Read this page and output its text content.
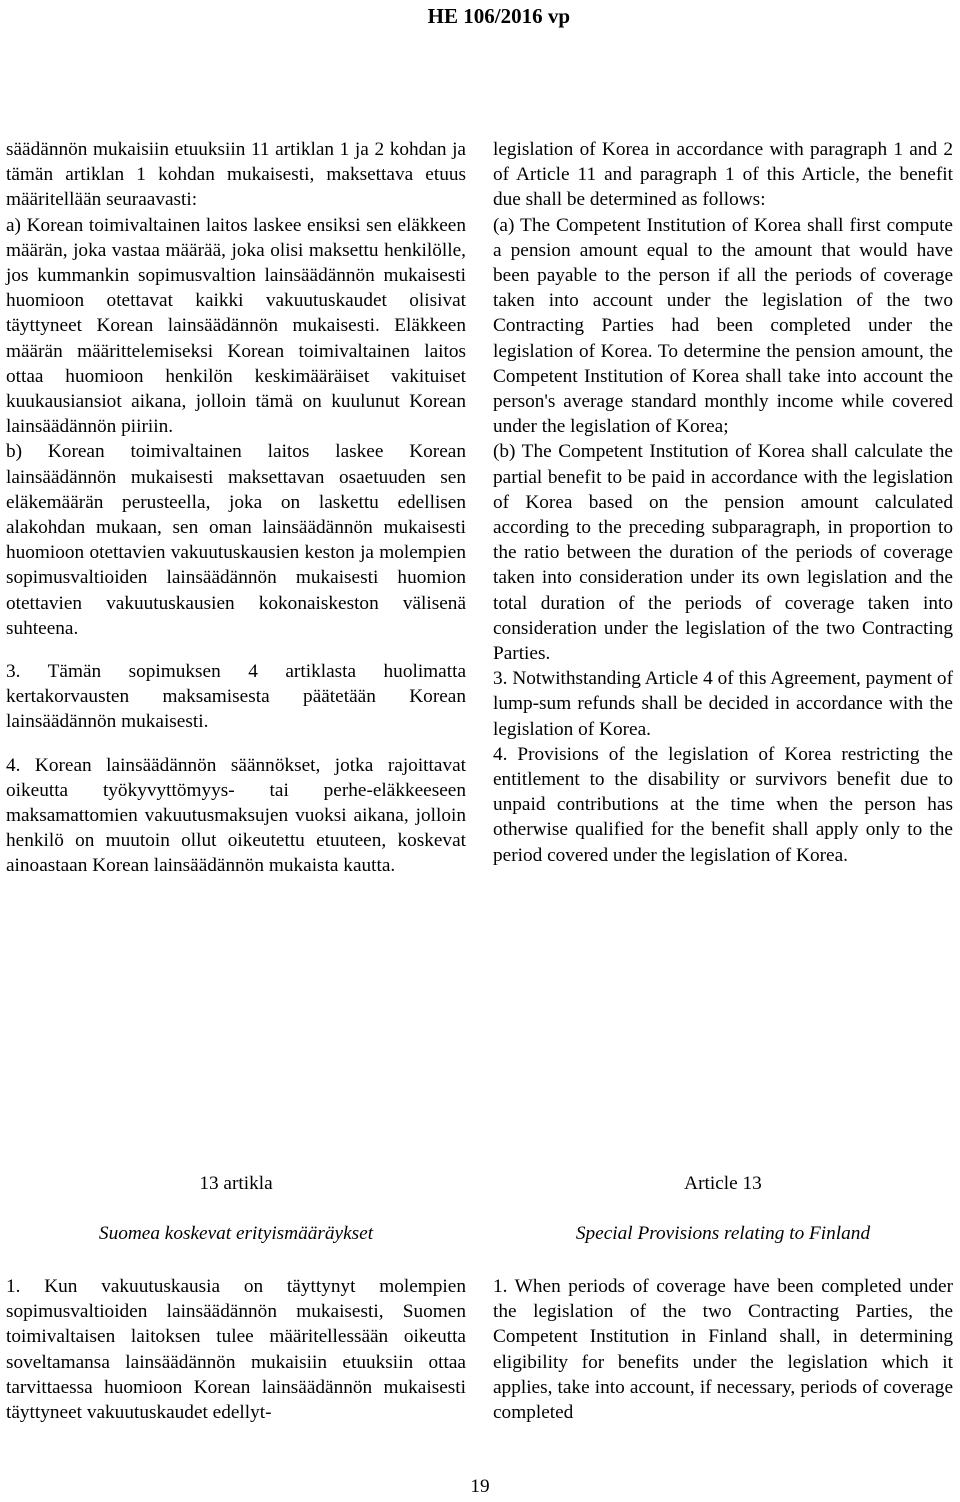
HE 106/2016 vp

säädännön mukaisiin etuuksiin 11 artiklan 1 ja 2 kohdan ja tämän artiklan 1 kohdan mukaisesti, maksettava etuus määritellään seuraavasti:

a) Korean toimivaltainen laitos laskee ensiksi sen eläkkeen määrän, joka vastaa määrää, joka olisi maksettu henkilölle, jos kummankin sopimusvaltion lainsäädännön mukaisesti huomioon otettavat kaikki vakuutuskaudet olisivat täyttyneet Korean lainsäädännön mukaisesti. Eläkkeen määrän määrittelemiseksi Korean toimivaltainen laitos ottaa huomioon henkilön keskimääräiset vakituiset kuukausiansiot aikana, jolloin tämä on kuulunut Korean lainsäädännön piiriin.

b) Korean toimivaltainen laitos laskee Korean lainsäädännön mukaisesti maksettavan osaetuuden sen eläkemäärän perusteella, joka on laskettu edellisen alakohdan mukaan, sen oman lainsäädännön mukaisesti huomioon otettavien vakuutuskausien keston ja molempien sopimusvaltioiden lainsäädännön mukaisesti huomion otettavien vakuutuskausien kokonaiskeston välisenä suhteena.

3. Tämän sopimuksen 4 artiklasta huolimatta kertakorvausten maksamisesta päätetään Korean lainsäädännön mukaisesti.

4. Korean lainsäädännön säännökset, jotka rajoittavat oikeutta työkyvyttömyys- tai perhe-eläkkeeseen maksamattomien vakuutusmaksujen vuoksi aikana, jolloin henkilö on muutoin ollut oikeutettu etuuteen, koskevat ainoastaan Korean lainsäädännön mukaista kautta.

legislation of Korea in accordance with paragraph 1 and 2 of Article 11 and paragraph 1 of this Article, the benefit due shall be determined as follows:

(a) The Competent Institution of Korea shall first compute a pension amount equal to the amount that would have been payable to the person if all the periods of coverage taken into account under the legislation of the two Contracting Parties had been completed under the legislation of Korea. To determine the pension amount, the Competent Institution of Korea shall take into account the person's average standard monthly income while covered under the legislation of Korea;

(b) The Competent Institution of Korea shall calculate the partial benefit to be paid in accordance with the legislation of Korea based on the pension amount calculated according to the preceding subparagraph, in proportion to the ratio between the duration of the periods of coverage taken into consideration under its own legislation and the total duration of the periods of coverage taken into consideration under the legislation of the two Contracting Parties.

3. Notwithstanding Article 4 of this Agreement, payment of lump-sum refunds shall be decided in accordance with the legislation of Korea.

4. Provisions of the legislation of Korea restricting the entitlement to the disability or survivors benefit due to unpaid contributions at the time when the person has otherwise qualified for the benefit shall apply only to the period covered under the legislation of Korea.

13 artikla
Suomea koskevat erityismääräykset
Article 13
Special Provisions relating to Finland

1. Kun vakuutuskausia on täyttynyt molempien sopimusvaltioiden lainsäädännön mukaisesti, Suomen toimivaltaisen laitoksen tulee määritellessään oikeutta soveltamansa lainsäädännön mukaisiin etuuksiin ottaa tarvittaessa huomioon Korean lainsäädännön mukaisesti täyttyneet vakuutuskaudet edellyt-

1. When periods of coverage have been completed under the legislation of the two Contracting Parties, the Competent Institution in Finland shall, in determining eligibility for benefits under the legislation which it applies, take into account, if necessary, periods of coverage completed

19
